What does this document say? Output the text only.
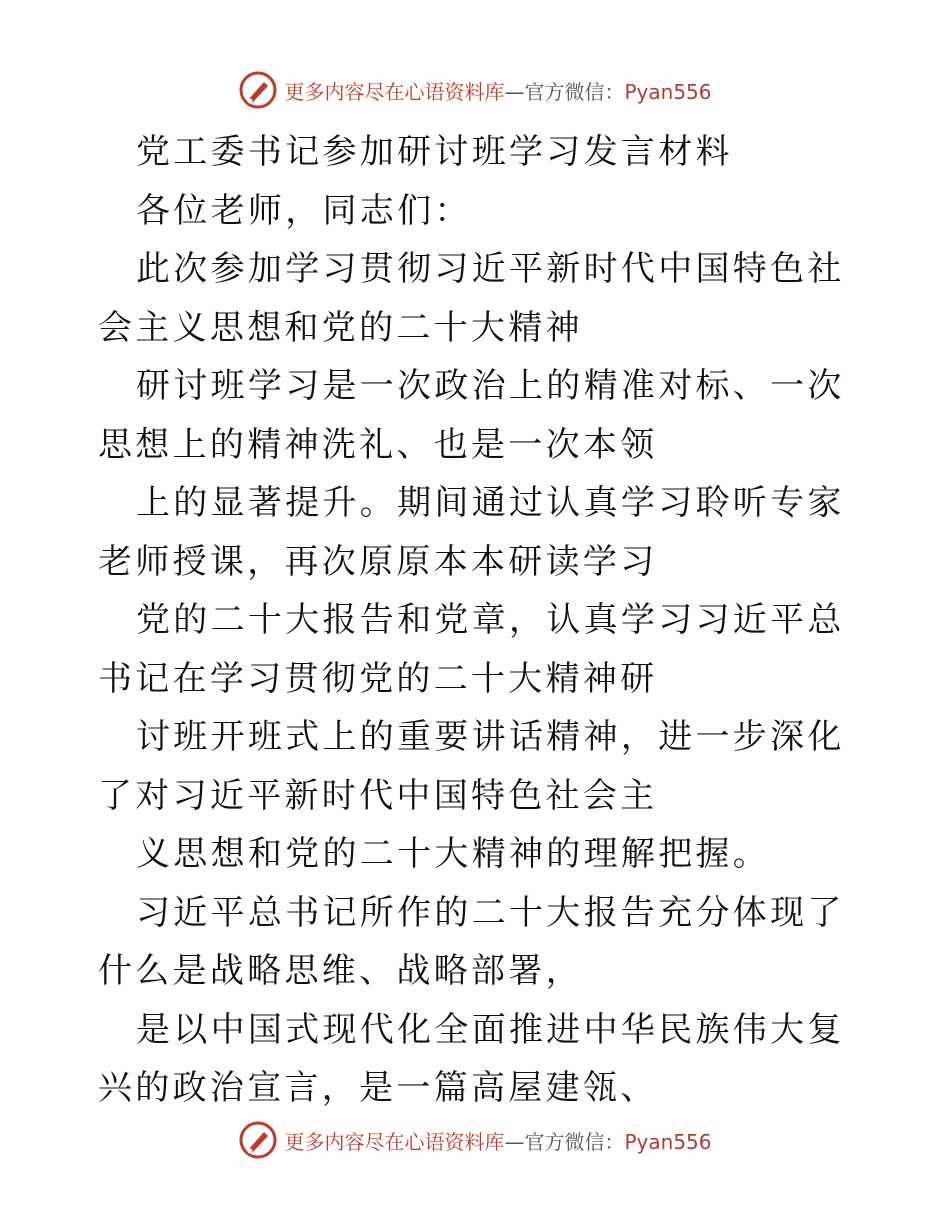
更多内容尽在心语资料库—官方微信：Pyan556

党工委书记参加研讨班学习发言材料

各位老师，同志们：

此次参加学习贯彻习近平新时代中国特色社会主义思想和党的二十大精神

研讨班学习是一次政治上的精准对标、一次思想上的精神洗礼、也是一次本领

上的显著提升。期间通过认真学习聆听专家老师授课，再次原原本本研读学习

党的二十大报告和党章，认真学习习近平总书记在学习贯彻党的二十大精神研

讨班开班式上的重要讲话精神，进一步深化了对习近平新时代中国特色社会主

义思想和党的二十大精神的理解把握。

习近平总书记所作的二十大报告充分体现了什么是战略思维、战略部署，

是以中国式现代化全面推进中华民族伟大复兴的政治宣言，是一篇高屋建瓴、

更多内容尽在心语资料库—官方微信：Pyan556
